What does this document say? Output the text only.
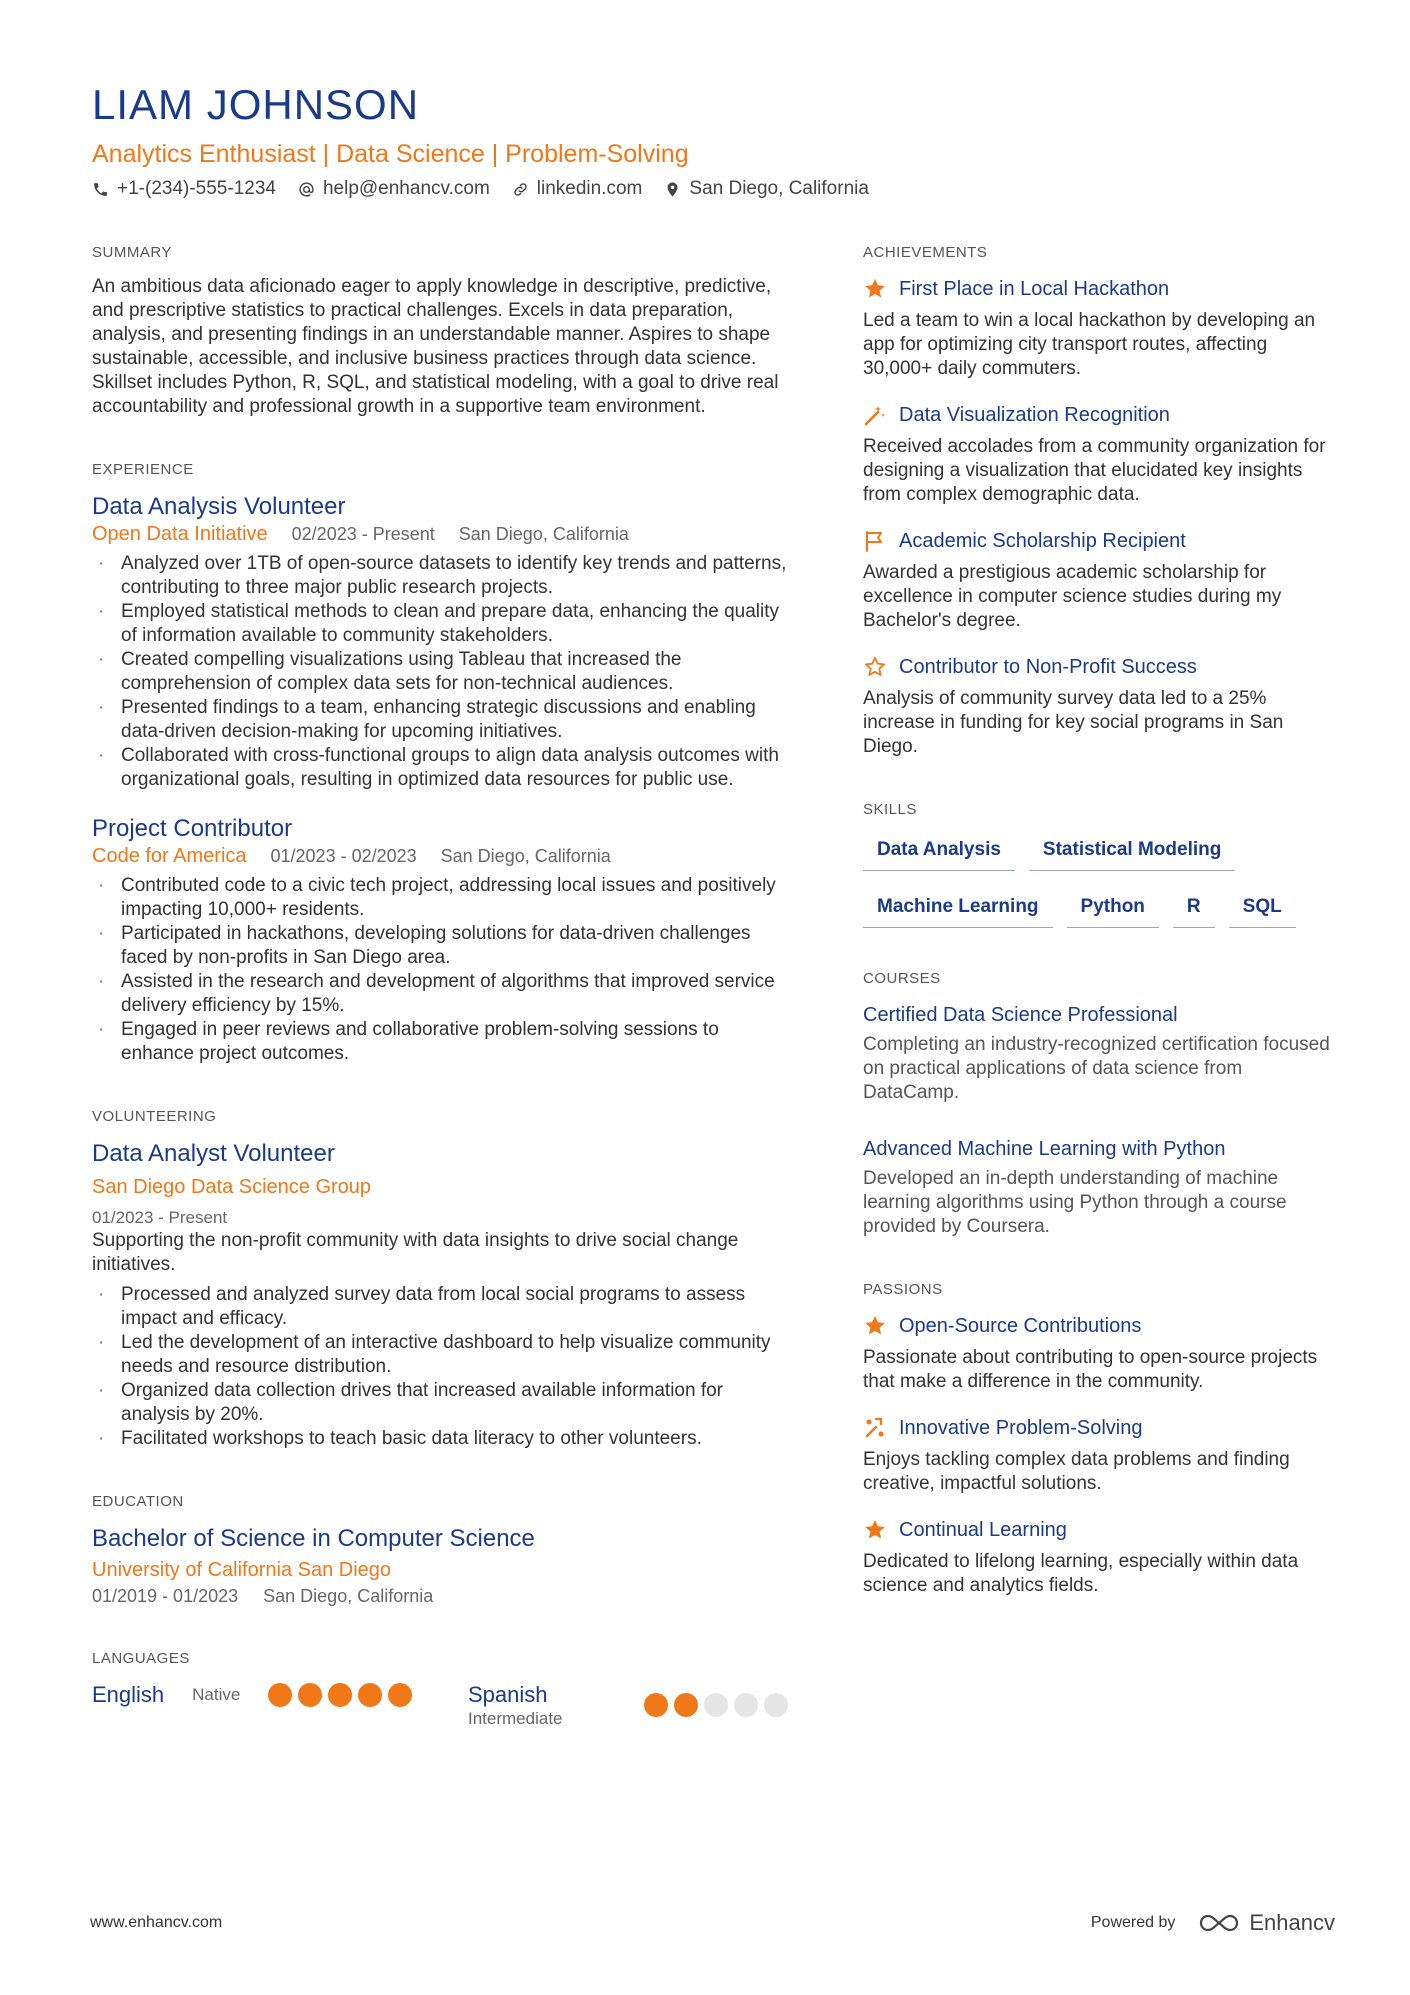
LIAM JOHNSON
Analytics Enthusiast | Data Science | Problem-Solving
+1-(234)-555-1234 help@enhancv.com linkedin.com San Diego, California
SUMMARY

An ambitious data aficionado eager to apply knowledge in descriptive, predictive, and prescriptive statistics to practical challenges. Excels in data preparation, analysis, and presenting findings in an understandable manner. Aspires to shape sustainable, accessible, and inclusive business practices through data science. Skillset includes Python, R, SQL, and statistical modeling, with a goal to drive real accountability and professional growth in a supportive team environment.

EXPERIENCE
Data Analysis Volunteer
Open Data Initiative 02/2023 - Present San Diego, California
· Analyzed over 1TB of open-source datasets to identify key trends and patterns, contributing to three major public research projects.
· Employed statistical methods to clean and prepare data, enhancing the quality of information available to community stakeholders.
· Created compelling visualizations using Tableau that increased the comprehension of complex data sets for non-technical audiences.
· Presented findings to a team, enhancing strategic discussions and enabling data-driven decision-making for upcoming initiatives.
· Collaborated with cross-functional groups to align data analysis outcomes with organizational goals, resulting in optimized data resources for public use.
Project Contributor
Code for America 01/2023 - 02/2023 San Diego, California
· Contributed code to a civic tech project, addressing local issues and positively impacting 10,000+ residents.
· Participated in hackathons, developing solutions for data-driven challenges faced by non-profits in San Diego area.
· Assisted in the research and development of algorithms that improved service delivery efficiency by 15%.
· Engaged in peer reviews and collaborative problem-solving sessions to enhance project outcomes.
VOLUNTEERING
Data Analyst Volunteer
San Diego Data Science Group
01/2023 - Present

Supporting the non-profit community with data insights to drive social change initiatives.

· Processed and analyzed survey data from local social programs to assess impact and efficacy.
· Led the development of an interactive dashboard to help visualize community needs and resource distribution.
· Organized data collection drives that increased available information for analysis by 20%.
· Facilitated workshops to teach basic data literacy to other volunteers.
EDUCATION
Bachelor of Science in Computer Science
University of California San Diego
01/2019 - 01/2023 San Diego, California
LANGUAGES
English Native	Spanish
Intermediate
ACHIEVEMENTS
First Place in Local Hackathon
Led a team to win a local hackathon by developing an app for optimizing city transport routes, affecting 30,000+ daily commuters.
Data Visualization Recognition
Received accolades from a community organization for designing a visualization that elucidated key insights from complex demographic data.
Academic Scholarship Recipient
Awarded a prestigious academic scholarship for excellence in computer science studies during my Bachelor's degree.
Contributor to Non-Profit Success
Analysis of community survey data led to a 25% increase in funding for key social programs in San Diego.
SKILLS
Data Analysis	Statistical Modeling
Machine Learning	Python	R	SQL
COURSES
Certified Data Science Professional
Completing an industry-recognized certification focused on practical applications of data science from DataCamp.
Advanced Machine Learning with Python
Developed an in-depth understanding of machine learning algorithms using Python through a course provided by Coursera.
PASSIONS
Open-Source Contributions
Passionate about contributing to open-source projects that make a difference in the community.
Innovative Problem-Solving
Enjoys tackling complex data problems and finding creative, impactful solutions.
Continual Learning
Dedicated to lifelong learning, especially within data science and analytics fields.
www.enhancv.com	Powered by	Enhancv
